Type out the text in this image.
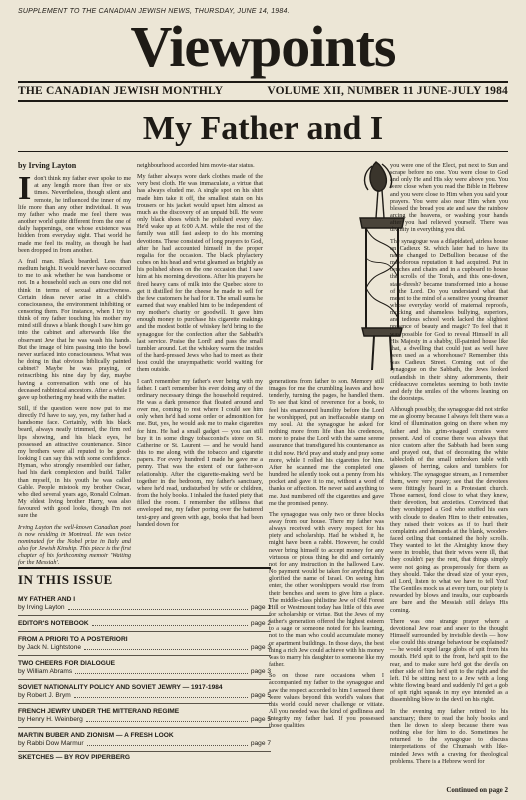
SUPPLEMENT TO THE CANADIAN JEWISH NEWS, THURSDAY, JUNE 14, 1984.
Viewpoints
THE CANADIAN JEWISH MONTHLY	VOLUME XII, NUMBER 11 JUNE-JULY 1984
My Father and I
by Irving Layton

I don't think my father ever spoke to me at any length more than five or six times. Nevertheless, though silent and remote, he influenced the inner of my life more than any other individual. It was my father who made me feel there was another world quite different from the one of daily happenings, one whose existence was hidden from everyday sight. That world he made me feel its reality, as though he had been dropped in from another.

A frail man. Black bearded. Less than medium height. It would never have occurred to me to ask whether he was handsome or not. In a household such as ours one did not think in terms of sexual attractiveness. Certain ideas never arise in a child's consciousness, the environment inhibiting or censoring them. For instance, when I try to think of my father touching his mother my mind still draws a blank though I saw him go into the cabinet and afterwards like the observant Jew that he was wash his hands. But the image of him passing into the bowl never surfaced into consciousness. What was he doing in that obvious biblically painted cabinet? Maybe he was praying, or reinscribing his nine day by day, maybe having a conversation with one of his deceased rabbinical ancestors. After a while I gave up bothering my head with the matter.

Still, if the question were now put to me directly I'd have to say, yes, my father had a handsome face. Certainly, with his black beard, always neatly trimmed, the firm red lips showing, and his black eyes, he possessed an attractive countenance. Since my brothers were all reputed to be good-looking I can say this with some confidence. Hyman, who strongly resembled our father, had his dark complexion and build. Taller than myself, in his youth he was called Gable. People mistook my brother Oscar, who died several years ago, Ronald Colman. My eldest living brother Harry, was also favoured with good looks, though I'm not sure the

Irving Layton the well-known Canadian poet is now residing in Montreal. He was twice nominated for the Nobel prize in Italy and also for Jewish Kinship. This piece is the first chapter of his forthcoming memoir 'Waiting for the Messiah'.

neighbourhood accorded him movie-star status.

My father always wore dark clothes made of the very best cloth. He was immaculate, a virtue that has always eluded me. A single spot on his shirt made him take it off, the smallest stain on his trousers or his jacket would upset him almost as much as the discovery of an unpaid bill. He wore only black shoes which he polished every day. He'd wake up at 6:00 A.M. while the rest of the family was still fast asleep to do his morning devotions. These consisted of long prayers to God, after he had accounted himself in the proper regalia for the occasion. The black phylactery cubes on his head and wrist gleamed as brightly as his polished shoes on the one occasion that I saw him at his morning devotions. After his prayers he fired heavy cans of milk into the Quebec store to get it distilled for the cheese he made to sell for the few customers he had for it. The small sums he earned that way enabled him to be independent of my mother's charity or goodwill. It gave him enough money to purchase his cigarette makings and the modest bottle of whiskey he'd bring to the synagogue for the confection after the Sabbath's last service. Praise the Lord! and pass the small tumbler around. Let the whiskey warm the insides of the hard-pressed Jews who had to meet as their host could the unsympathetic world waiting for them outside.

I can't remember my father's ever being with my father. I can't remember his ever doing any of the ordinary necessary things the household required. He was a dark presence that floated around and over me, coming to rest where I could see him only when he'd had some order or admonition for me. But, yes, he would ask me to make cigarettes for him. He had a small gadget — you can still buy it in some dingy tobacconist's store on St. Catherine or St. Laurent — and he would hand this to me along with the tobacco and cigarette papers. For every hundred I made he gave me a penny. That was the extent of our father-son relationship. After the cigarette-making we'd be together in the bedroom, my father's sanctuary, where he'd read, undisturbed by wife or children, from the holy books. I inhaled the fusted piety that filled the room. I remember the stillness that enveloped me, my father poring over the battered text-grey and green with age, books that had been handed down for

generations from father to son. Memory still images for me the crumbling leaves and how tenderly, turning the pages, he handled them. To see that kind of reverence for a book, to feel his enamoured humility before the Lord he worshipped, put an ineffaceable stamp on my soul. At the synagogue he asked for nothing more from life than his credences, more to praise the Lord with the same serene assurance that transfigured his countenance as it did now. He'd pray and study and pray some more, while I rolled his cigarettes for him. After he scanned me the completed one hundred he silently took out a penny from his pocket and gave it to me, without a word of thanks or affection. He never said anything to me. Just numbered off the cigarettes and gave me the promised penny.

The synagogue was only two or three blocks away from our house. There my father was always received with every respect for his piety and scholarship. Had he wished it, he might have been a rabbi. However, he could never bring himself to accept money for any virtuous or pious thing he did and certainly not for any instruction in the hallowed Law. No payment would be taken for anything that glorified the name of Israel. On seeing him enter, the other worshippers would rise from their benches and seem to give him a place. The middle-class philistine Jew of Old Forest Hill or Westmount today has little of this awe for scholarship or virtue. But the Jews of my father's generation offered the highest esteem to a sage or someone noted for his learning, not to the man who could accumulate money or apartment buildings. In those days, the best thing a rich Jew could achieve with his money was to marry his daughter to someone like my father.

So on those rare occasions when I accompanied my father to the synagogue and saw the respect accorded to him I sensed there were values beyond this world's values that this world could never challenge or vitiate. All you needed was the kind of godliness and integrity my father had. If you possessed those qualities

you were one of the Elect, put next to Sun and scrape before no one. You were close to God and only He and His sky were above you. You were close when you read the Bible in Hebrew and you were close to Him when you said your prayers. You were also near Him when you blessed the bread you ate and saw the rainbow arcing the heavens, or washing your hands after you had relieved yourself. There was divinity in everything you did.

The synagogue was a dilapidated, airless house on Cadieux St. which later had to have its name changed to DeBullion because of the malodorous reputation it had acquired. Put in benches and chairs and in a cupboard to house the scrolls of the Torah, and this one-down, stale-thresh? became transformed into a house of the Lord. Do you understand what that meant to the mind of a sensitive young dreamer whose everyday world of maternal reproofs, mocking and shameless bullying, superiors, and tedious school work lacked the slightest presence of beauty and magic? To feel that it was possible for God to reveal Himself in all His Majesty in a shabby, ill-painted house like that, a dwelling that could just as well have been used as a whorehouse? Remember this was Cadieux Street. Coming out of the synagogue on the Sabbath, the Jews looked outlandish in their shiny adornments, their crêdeacuve corneletes seeming to both invite and defy the smiles of the whores leaning on the doorsteps.

Although possibly, the synagogue did not strike me as gloomy because I always felt there was a kind of illumination going on there when my father and his grim-visaged cronies were present. And of course there was always that nice custom after the Sabbath had been sung and prayed out, that of decorating the white tablecloth of the small unbroken table with glasses of herring, cakes and tumblers for whiskey. The synagogue stream, as I remember them, were very pussy; see that the devotees were fittingly heard in a Protestant church. Those earnest, fond close to what they knew, their devotion, but anxieties. Convinced that they worshipped a God who stuffed his ears with cloude to deafen Him to their entreaties, they raised their voices as if to hurl their complaints and demands at the blank, wooden-faced ceiling that contained the holy scrolls. They wanted to let the Almighty know they were in trouble, that their wives were ill, that they couldn't pay the rent, that things simply were not going as prosperously for them as they should. Take the dread size of your eyes, ail Lord, listen to what we have to tell You! The Gentiles mock us at every turn, our piety is rewarded by blows and insults, our cupboards are bare and the Messiah still delays His coming.

There was one strange prayer where a devotional Jew roar and sneer to the thought Himself surrounded by invisible devils — how else could this strange behaviour be explained? — he would expel large globs of spit from his mouth. He'd spit to the front, he'd spit to the rear, and to make sure he'd got the devils on either side of him he'd spit to the right and the left. I'd be sitting next to a Jew with a long white flowing beard and suddenly I'd get a gob of spit right squeak in my eye intended as a dissembling blow to the devil on his right.

In the evening my father retired to his sanctuary; there to read the holy books and then lie down to sleep because there was nothing else for him to do. Sometimes he returned to the synagogue to discuss interpretations of the Chumash with like-minded Jews with a craving for theological problems. There is a Hebrew word for

IN THIS ISSUE
MY FATHER AND I
by Irving Layton	page 1
EDITOR'S NOTEBOOK	page 2
FROM A PRIORI TO A POSTERIORI
by Jack N. Lightstone	page 3
TWO CHEERS FOR DIALOGUE
by William Abrams	page 3
SOVIET NATIONALITY POLICY AND SOVIET JEWRY — 1917-1984
by Robert J. Brym	page 5
FRENCH JEWRY UNDER THE MITTERAND REGIME
by Henry H. Weinberg	page 5
MARTIN BUBER AND ZIONISM — A FRESH LOOK
by Rabbi Dow Marmur	page 7
SKETCHES — BY ROV PIPERBERG
Continued on page 2
